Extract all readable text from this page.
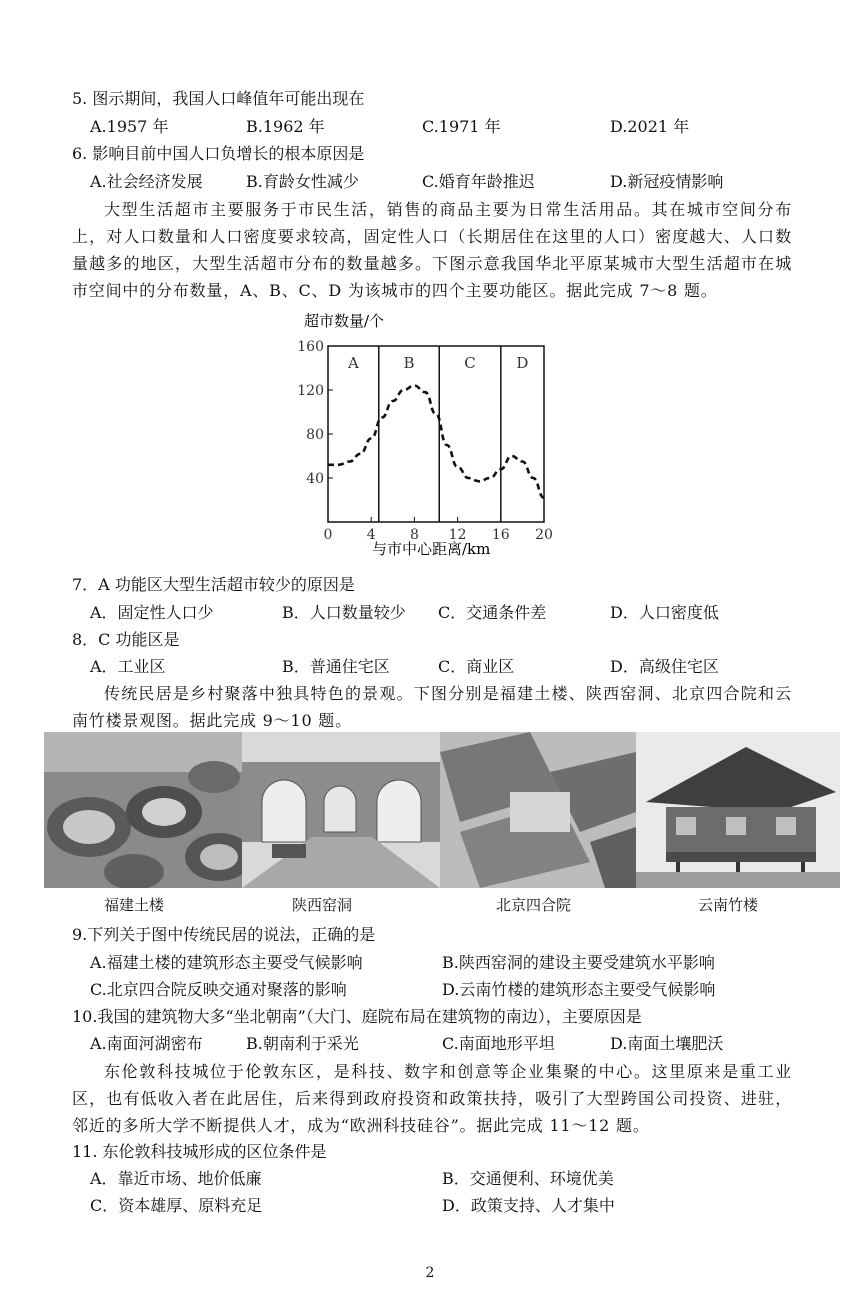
5. 图示期间，我国人口峰值年可能出现在
A.1957 年	B.1962 年	C.1971 年	D.2021 年
6. 影响目前中国人口负增长的根本原因是
A.社会经济发展	B.育龄女性减少	C.婚育年龄推迟	D.新冠疫情影响
大型生活超市主要服务于市民生活，销售的商品主要为日常生活用品。其在城市空间分布上，对人口数量和人口密度要求较高，固定性人口（长期居住在这里的人口）密度越大、人口数量越多的地区，大型生活超市分布的数量越多。下图示意我国华北平原某城市大型生活超市在城市空间中的分布数量，A、B、C、D 为该城市的四个主要功能区。据此完成 7～8 题。
超市数量/个
A	B	C	D
40
80
120
160
0 4 8 12 16 20
与市中心距离/km
7．A 功能区大型生活超市较少的原因是
A．固定性人口少	B．人口数量较少 C．交通条件差	D．人口密度低
8．C 功能区是
A．工业区	B．普通住宅区	C．商业区	D．高级住宅区
传统民居是乡村聚落中独具特色的景观。下图分别是福建土楼、陕西窑洞、北京四合院和云南竹楼景观图。据此完成 9～10 题。
福建土楼	陕西窑洞	北京四合院	云南竹楼
9.下列关于图中传统民居的说法，正确的是
A.福建土楼的建筑形态主要受气候影响	B.陕西窑洞的建设主要受建筑水平影响
C.北京四合院反映交通对聚落的影响	D.云南竹楼的建筑形态主要受气候影响
10.我国的建筑物大多“坐北朝南”（大门、庭院布局在建筑物的南边），主要原因是
A.南面河湖密布	B.朝南利于采光	C.南面地形平坦	D.南面土壤肥沃
东伦敦科技城位于伦敦东区，是科技、数字和创意等企业集聚的中心。这里原来是重工业区，也有低收入者在此居住，后来得到政府投资和政策扶持，吸引了大型跨国公司投资、进驻，邻近的多所大学不断提供人才，成为“欧洲科技硅谷”。据此完成 11～12 题。
11. 东伦敦科技城形成的区位条件是
A．靠近市场、地价低廉	B．交通便利、环境优美
C．资本雄厚、原料充足	D．政策支持、人才集中
2
